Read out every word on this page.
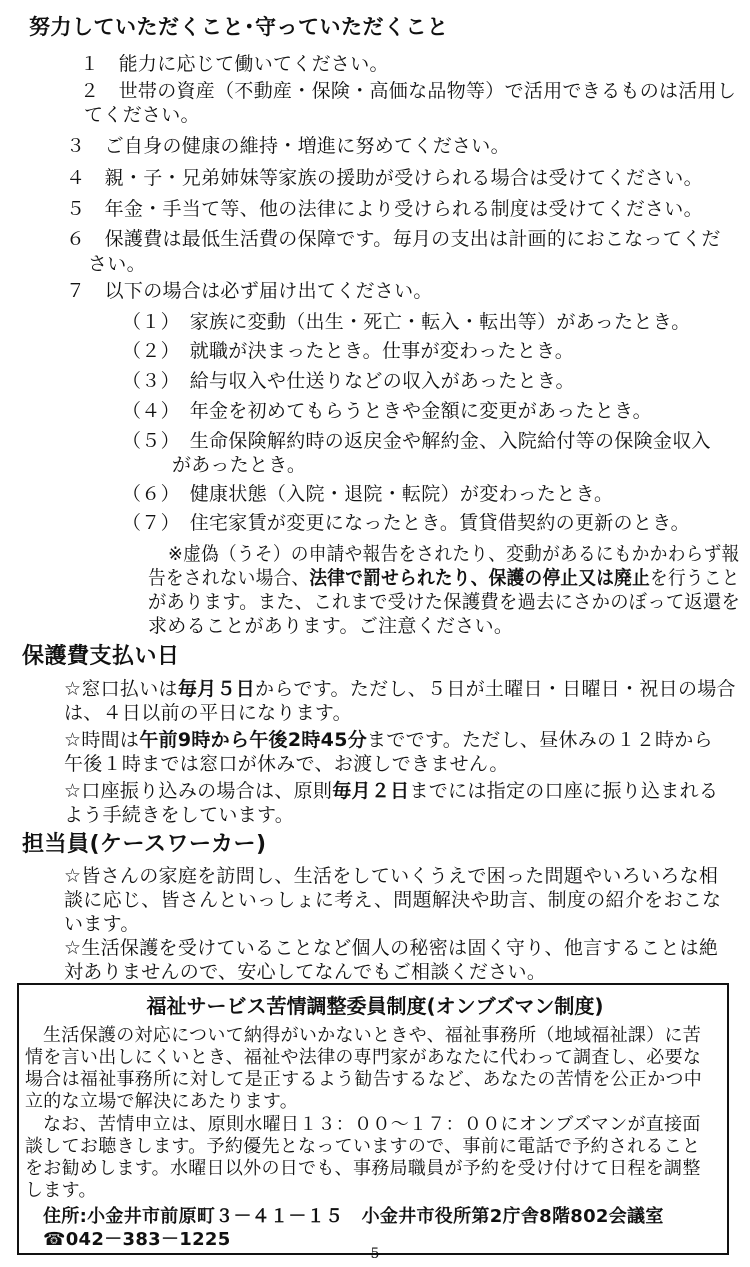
努力していただくこと･守っていただくこと
１　能力に応じて働いてください。
２　世帯の資産（不動産・保険・高価な品物等）で活用できるものは活用し
てください。
３　ご自身の健康の維持・増進に努めてください。
４　親・子・兄弟姉妹等家族の援助が受けられる場合は受けてください。
５　年金・手当て等、他の法律により受けられる制度は受けてください。
６　保護費は最低生活費の保障です。毎月の支出は計画的におこなってくだ
さい。
７　以下の場合は必ず届け出てください。
（１）　家族に変動（出生・死亡・転入・転出等）があったとき。
（２）　就職が決まったとき。仕事が変わったとき。
（３）　給与収入や仕送りなどの収入があったとき。
（４）　年金を初めてもらうときや金額に変更があったとき。
（５）　生命保険解約時の返戻金や解約金、入院給付等の保険金収入
があったとき。
（６）　健康状態（入院・退院・転院）が変わったとき。
（７）　住宅家賃が変更になったとき。賃貸借契約の更新のとき。
※虚偽（うそ）の申請や報告をされたり、変動があるにもかかわらず報
告をされない場合、法律で罰せられたり、保護の停止又は廃止を行うこと
があります。また、これまで受けた保護費を過去にさかのぼって返還を
求めることがあります。ご注意ください。
保護費支払い日
☆窓口払いは毎月５日からです。ただし、５日が土曜日・日曜日・祝日の場合
は、４日以前の平日になります。
☆時間は午前9時から午後2時45分までです。ただし、昼休みの１２時から
午後１時までは窓口が休みで、お渡しできません。
☆口座振り込みの場合は、原則毎月２日までには指定の口座に振り込まれる
よう手続きをしています。
担当員(ケースワーカー)
☆皆さんの家庭を訪問し、生活をしていくうえで困った問題やいろいろな相
談に応じ、皆さんといっしょに考え、問題解決や助言、制度の紹介をおこな
います。
☆生活保護を受けていることなど個人の秘密は固く守り、他言することは絶
対ありませんので、安心してなんでもご相談ください。
福祉サービス苦情調整委員制度(オンブズマン制度)
生活保護の対応について納得がいかないときや、福祉事務所（地域福祉課）に苦
情を言い出しにくいとき、福祉や法律の専門家があなたに代わって調査し、必要な
場合は福祉事務所に対して是正するよう勧告するなど、あなたの苦情を公正かつ中
立的な立場で解決にあたります。
なお、苦情申立は、原則水曜日１３：００～１７：００にオンブズマンが直接面
談してお聴きします。予約優先となっていますので、事前に電話で予約されること
をお勧めします。水曜日以外の日でも、事務局職員が予約を受け付けて日程を調整
します。
住所:小金井市前原町３－４１－１５　小金井市役所第2庁舎8階802会議室
☎042－383－1225
5
